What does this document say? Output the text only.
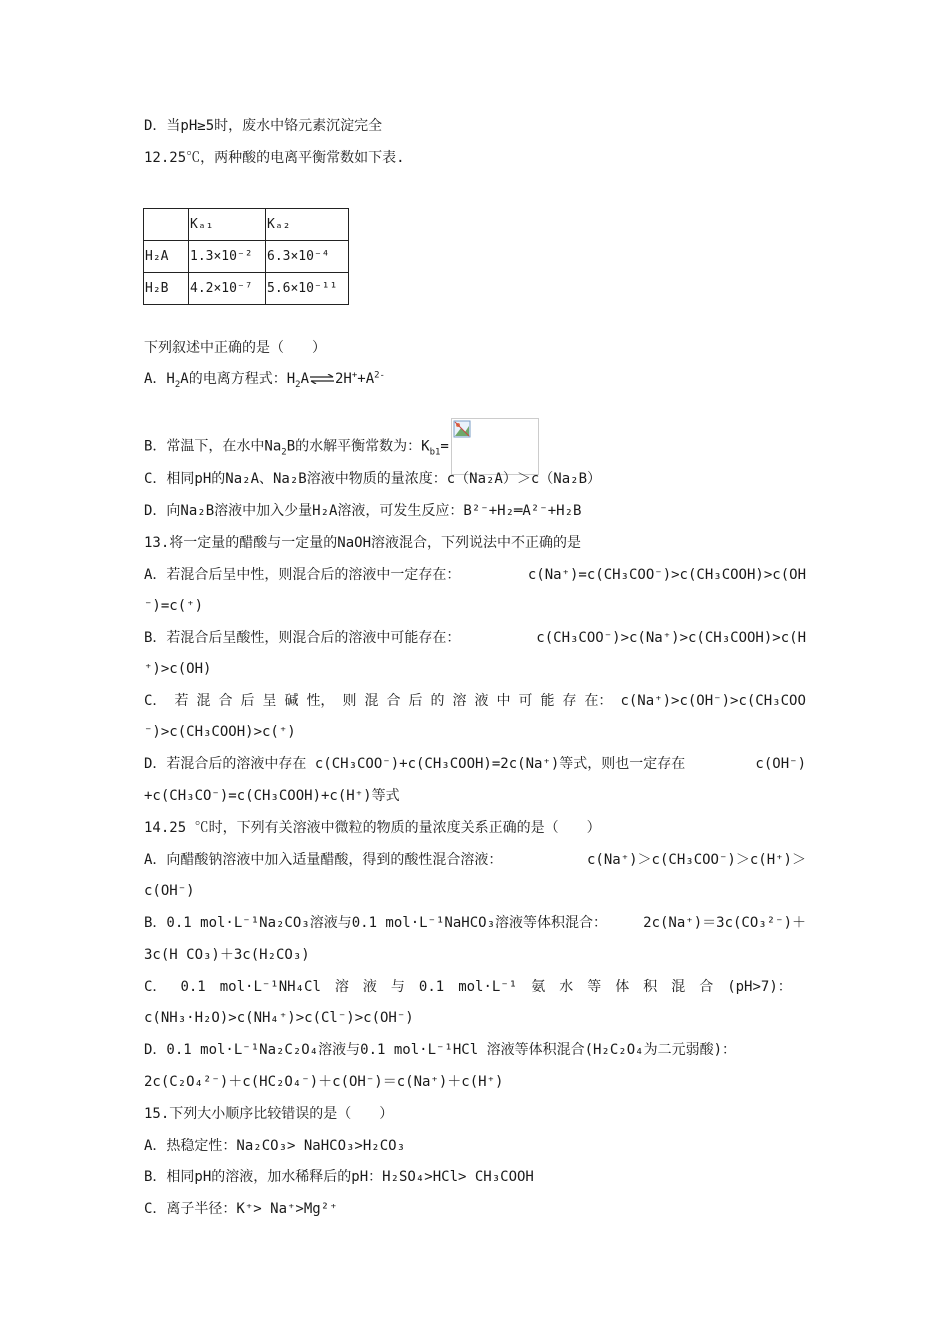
D．当pH≥5时，废水中铬元素沉淀完全
12.25℃，两种酸的电离平衡常数如下表.
	Kₐ₁	Kₐ₂
H₂A	1.3×10⁻²	6.3×10⁻⁴
H₂B	4.2×10⁻⁷	5.6×10⁻¹¹
下列叙述中正确的是（　　）
A．$H_2A$的电离方程式：$H_2A\rightleftharpoons 2H^++A^{2-}$
B．常温下，在水中$Na_2B$的水解平衡常数为：$K_{b1}=$
C．相同pH的Na₂A、Na₂B溶液中物质的量浓度：c（Na₂A）＞c（Na₂B）
D．向Na₂B溶液中加入少量H₂A溶液，可发生反应：B²⁻+H₂═A²⁻+H₂B
13.将一定量的醋酸与一定量的NaOH溶液混合，下列说法中不正确的是
A．若混合后呈中性，则混合后的溶液中一定存在：	c(Na⁺)=c(CH₃COO⁻)>c(CH₃COOH)>c(OH
⁻)=c(⁺)
B．若混合后呈酸性，则混合后的溶液中可能存在：	c(CH₃COO⁻)>c(Na⁺)>c(CH₃COOH)>c(H
⁺)>c(OH)
C． 若 混 合 后 呈 碱 性， 则 混 合 后 的 溶 液 中 可 能 存 在： c(Na⁺)>c(OH⁻)>c(CH₃COO
⁻)>c(CH₃COOH)>c(⁺)
D．若混合后的溶液中存在 c(CH₃COO⁻)+c(CH₃COOH)=2c(Na⁺)等式，则也一定存在	c(OH⁻)
+c(CH₃CO⁻)=c(CH₃COOH)+c(H⁺)等式
14.25 ℃时，下列有关溶液中微粒的物质的量浓度关系正确的是（　　）
A．向醋酸钠溶液中加入适量醋酸，得到的酸性混合溶液：	c(Na⁺)＞c(CH₃COO⁻)＞c(H⁺)＞
c(OH⁻)
B．0.1 mol·L⁻¹Na₂CO₃溶液与0.1 mol·L⁻¹NaHCO₃溶液等体积混合：	2c(Na⁺)＝3c(CO₃²⁻)＋
3c(H CO₃)＋3c(H₂CO₃)
C． 0.1 mol·L⁻¹NH₄Cl 溶 液 与 0.1 mol·L⁻¹ 氨 水 等 体 积 混 合 (pH>7)：
c(NH₃·H₂O)>c(NH₄⁺)>c(Cl⁻)>c(OH⁻)
D．0.1 mol·L⁻¹Na₂C₂O₄溶液与0.1 mol·L⁻¹HCl 溶液等体积混合(H₂C₂O₄为二元弱酸)：
2c(C₂O₄²⁻)＋c(HC₂O₄⁻)＋c(OH⁻)＝c(Na⁺)＋c(H⁺)
15.下列大小顺序比较错误的是（　　）
A．热稳定性：Na₂CO₃> NaHCO₃>H₂CO₃
B．相同pH的溶液，加水稀释后的pH：H₂SO₄>HCl> CH₃COOH
C．离子半径：K⁺> Na⁺>Mg²⁺
